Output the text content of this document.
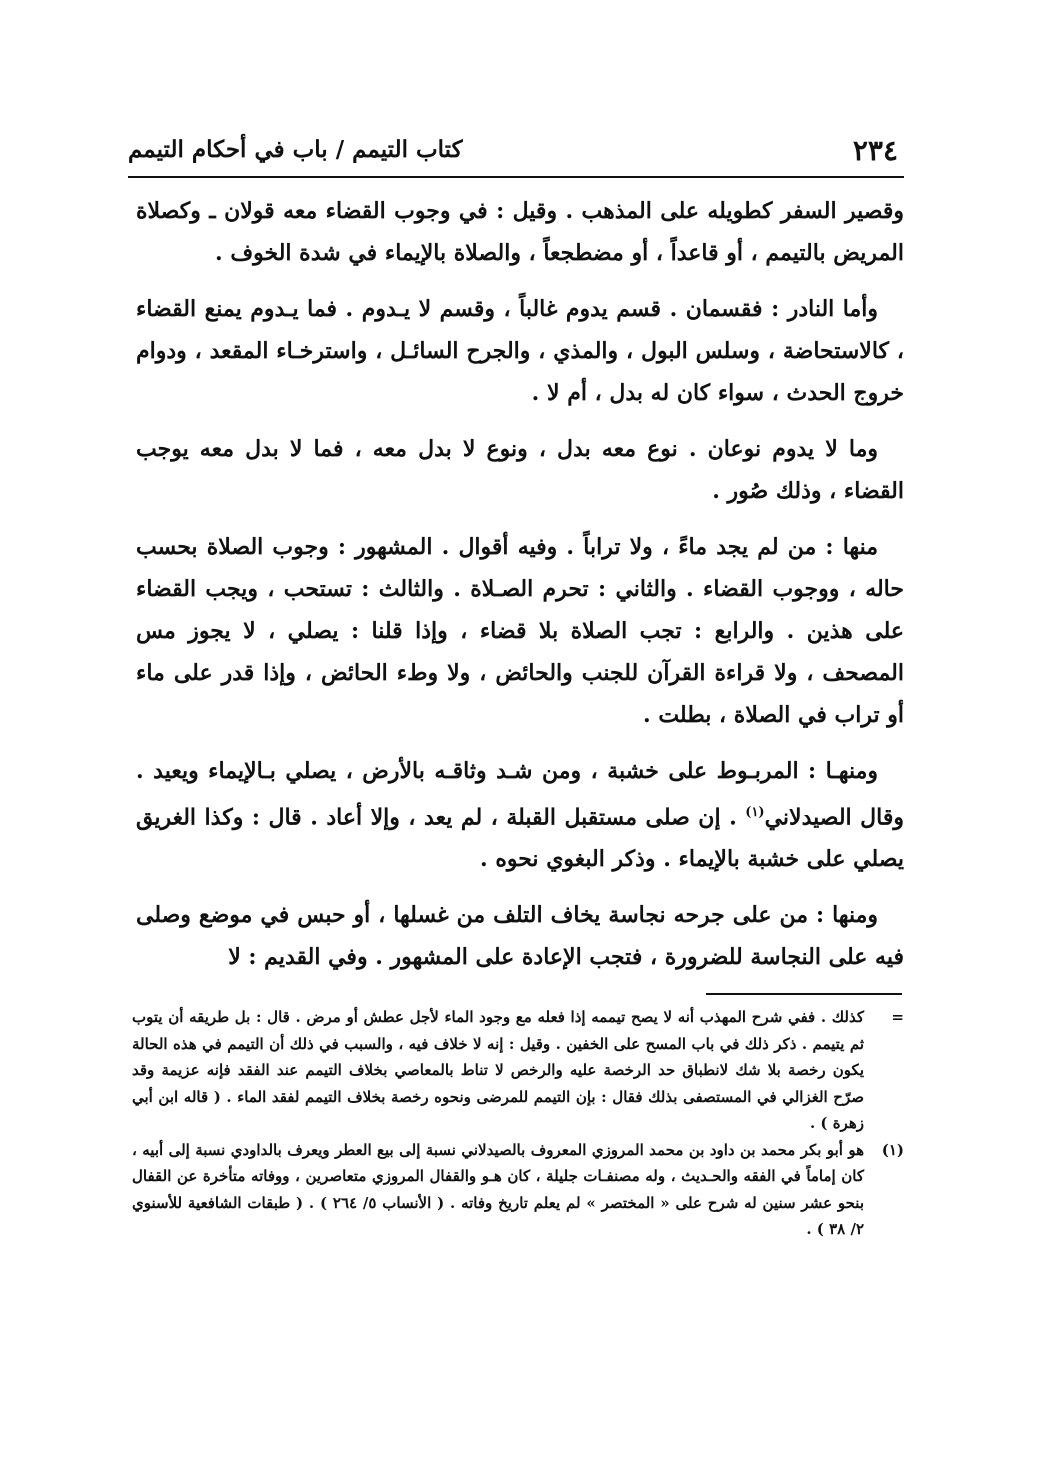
٢٣٤
كتاب التيمم / باب في أحكام التيمم

وقصير السفر كطويله على المذهب . وقيل : في وجوب القضاء معه قولان ـ وكصلاة المريض بالتيمم ، أو قاعداً ، أو مضطجعاً ، والصلاة بالإيماء في شدة الخوف .

وأما النادر : فقسمان . قسم يدوم غالباً ، وقسم لا يـدوم . فما يـدوم يمنع القضاء ، كالاستحاضة ، وسلس البول ، والمذي ، والجرح السائـل ، واسترخـاء المقعد ، ودوام خروج الحدث ، سواء كان له بدل ، أم لا .

وما لا يدوم نوعان . نوع معه بدل ، ونوع لا بدل معه ، فما لا بدل معه يوجب القضاء ، وذلك صُور .

منها : من لم يجد ماءً ، ولا تراباً . وفيه أقوال . المشهور : وجوب الصلاة بحسب حاله ، ووجوب القضاء . والثاني : تحرم الصـلاة . والثالث : تستحب ، ويجب القضاء على هذين . والرابع : تجب الصلاة بلا قضاء ، وإذا قلنا : يصلي ، لا يجوز مس المصحف ، ولا قراءة القرآن للجنب والحائض ، ولا وطء الحائض ، وإذا قدر على ماء أو تراب في الصلاة ، بطلت .

ومنهـا : المربـوط على خشبة ، ومن شـد وثاقـه بالأرض ، يصلي بـالإيماء ويعيد . وقال الصيدلاني$^{(١)}$ . إن صلى مستقبل القبلة ، لم يعد ، وإلا أعاد . قال : وكذا الغريق يصلي على خشبة بالإيماء . وذكر البغوي نحوه .

ومنها : من على جرحه نجاسة يخاف التلف من غسلها ، أو حبس في موضع وصلى فيه على النجاسة للضرورة ، فتجب الإعادة على المشهور . وفي القديم : لا

=
كذلك . ففي شرح المهذب أنه لا يصح تيممه إذا فعله مع وجود الماء لأجل عطش أو مرض . قال : بل طريقه أن يتوب ثم يتيمم . ذكر ذلك في باب المسح على الخفين . وقيل : إنه لا خلاف فيه ، والسبب في ذلك أن التيمم في هذه الحالة يكون رخصة بلا شك لانطباق حد الرخصة عليه والرخص لا تناط بالمعاصي بخلاف التيمم عند الفقد فإنه عزيمة وقد صرّح الغزالي في المستصفى بذلك فقال : بإن التيمم للمرضى ونحوه رخصة بخلاف التيمم لفقد الماء . ( قاله ابن أبي زهرة ) .

(١)
هو أبو بكر محمد بن داود بن محمد المروزي المعروف بالصيدلاني نسبة إلى بيع العطر ويعرف بالداودي نسبة إلى أبيه ، كان إماماً في الفقه والحـديث ، وله مصنفـات جليلة ، كان هـو والقفال المروزي متعاصرين ، ووفاته متأخرة عن القفال بنحو عشر سنين له شرح على « المختصر » لم يعلم تاريخ وفاته . ( الأنساب ٥/ ٢٦٤ ) . ( طبقات الشافعية للأسنوي ٢/ ٣٨ ) .
